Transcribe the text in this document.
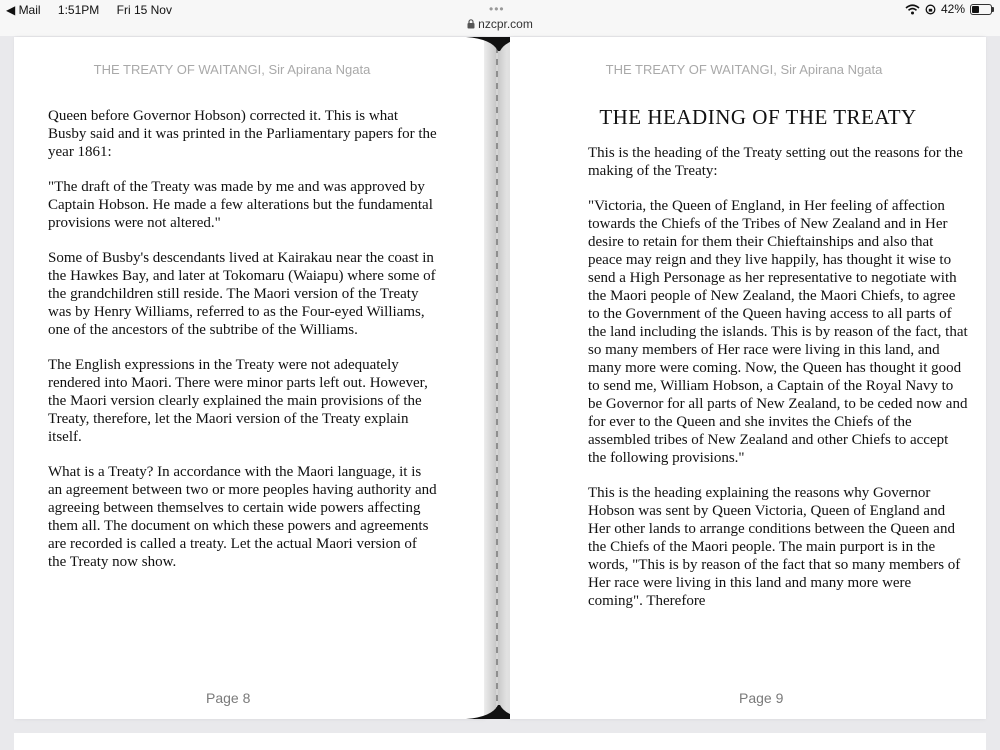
◀ Mail 1:51PM Fri 15 Nov	•••
nzcpr.com
42%
THE TREATY OF WAITANGI, Sir Apirana Ngata

Queen before Governor Hobson) corrected it. This is what Busby said and it was printed in the Parliamentary papers for the year 1861:

"The draft of the Treaty was made by me and was approved by Captain Hobson. He made a few alterations but the fundamental provisions were not altered."

Some of Busby's descendants lived at Kairakau near the coast in the Hawkes Bay, and later at Tokomaru (Waiapu) where some of the grandchildren still reside. The Maori version of the Treaty was by Henry Williams, referred to as the Four-eyed Williams, one of the ancestors of the subtribe of the Williams.

The English expressions in the Treaty were not adequately rendered into Maori. There were minor parts left out. However, the Maori version clearly explained the main provisions of the Treaty, therefore, let the Maori version of the Treaty explain itself.

What is a Treaty? In accordance with the Maori language, it is an agreement between two or more peoples having authority and agreeing between themselves to certain wide powers affecting them all. The document on which these powers and agreements are recorded is called a treaty. Let the actual Maori version of the Treaty now show.

Page 8
THE TREATY OF WAITANGI, Sir Apirana Ngata

THE HEADING OF THE TREATY

This is the heading of the Treaty setting out the reasons for the making of the Treaty:

"Victoria, the Queen of England, in Her feeling of affection towards the Chiefs of the Tribes of New Zealand and in Her desire to retain for them their Chieftainships and also that peace may reign and they live happily, has thought it wise to send a High Personage as her representative to negotiate with the Maori people of New Zealand, the Maori Chiefs, to agree to the Government of the Queen having access to all parts of the land including the islands. This is by reason of the fact, that so many members of Her race were living in this land, and many more were coming. Now, the Queen has thought it good to send me, William Hobson, a Captain of the Royal Navy to be Governor for all parts of New Zealand, to be ceded now and for ever to the Queen and she invites the Chiefs of the assembled tribes of New Zealand and other Chiefs to accept the following provisions."

This is the heading explaining the reasons why Governor Hobson was sent by Queen Victoria, Queen of England and Her other lands to arrange conditions between the Queen and the Chiefs of the Maori people. The main purport is in the words, "This is by reason of the fact that so many members of Her race were living in this land and many more were coming". Therefore

Page 9
